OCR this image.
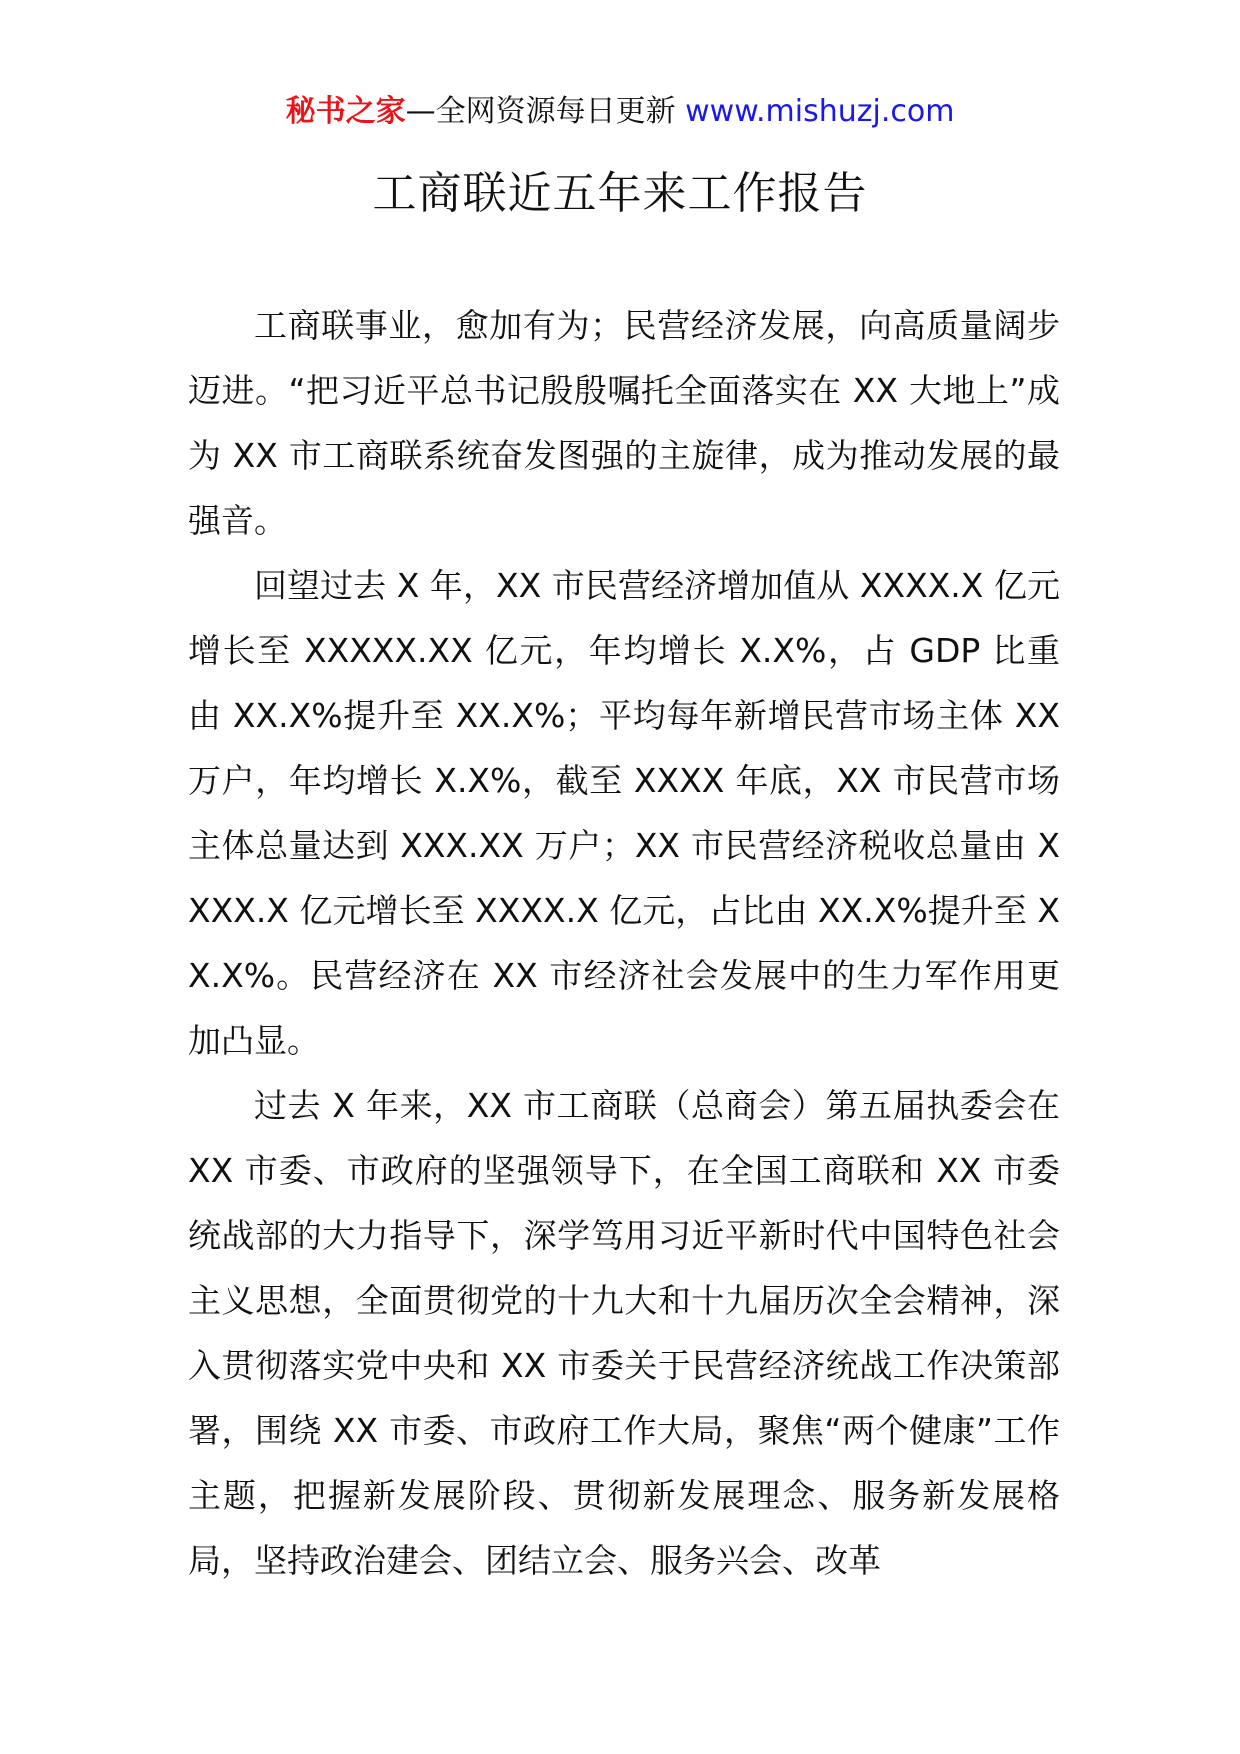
秘书之家—全网资源每日更新 www.mishuzj.com
工商联近五年来工作报告

工商联事业，愈加有为；民营经济发展，向高质量阔步迈进。“把习近平总书记殷殷嘱托全面落实在 XX 大地上”成为 XX 市工商联系统奋发图强的主旋律，成为推动发展的最强音。

回望过去 X 年，XX 市民营经济增加值从 XXXX.X 亿元增长至 XXXXX.XX 亿元，年均增长 X.X%，占 GDP 比重由 XX.X%提升至 XX.X%；平均每年新增民营市场主体 XX 万户，年均增长 X.X%，截至 XXXX 年底，XX 市民营市场主体总量达到 XXX.XX 万户；XX 市民营经济税收总量由 XXXX.X 亿元增长至 XXXX.X 亿元，占比由 XX.X%提升至 XX.X%。民营经济在 XX 市经济社会发展中的生力军作用更加凸显。

过去 X 年来，XX 市工商联（总商会）第五届执委会在 XX 市委、市政府的坚强领导下，在全国工商联和 XX 市委统战部的大力指导下，深学笃用习近平新时代中国特色社会主义思想，全面贯彻党的十九大和十九届历次全会精神，深入贯彻落实党中央和 XX 市委关于民营经济统战工作决策部署，围绕 XX 市委、市政府工作大局，聚焦“两个健康”工作主题，把握新发展阶段、贯彻新发展理念、服务新发展格局，坚持政治建会、团结立会、服务兴会、改革
